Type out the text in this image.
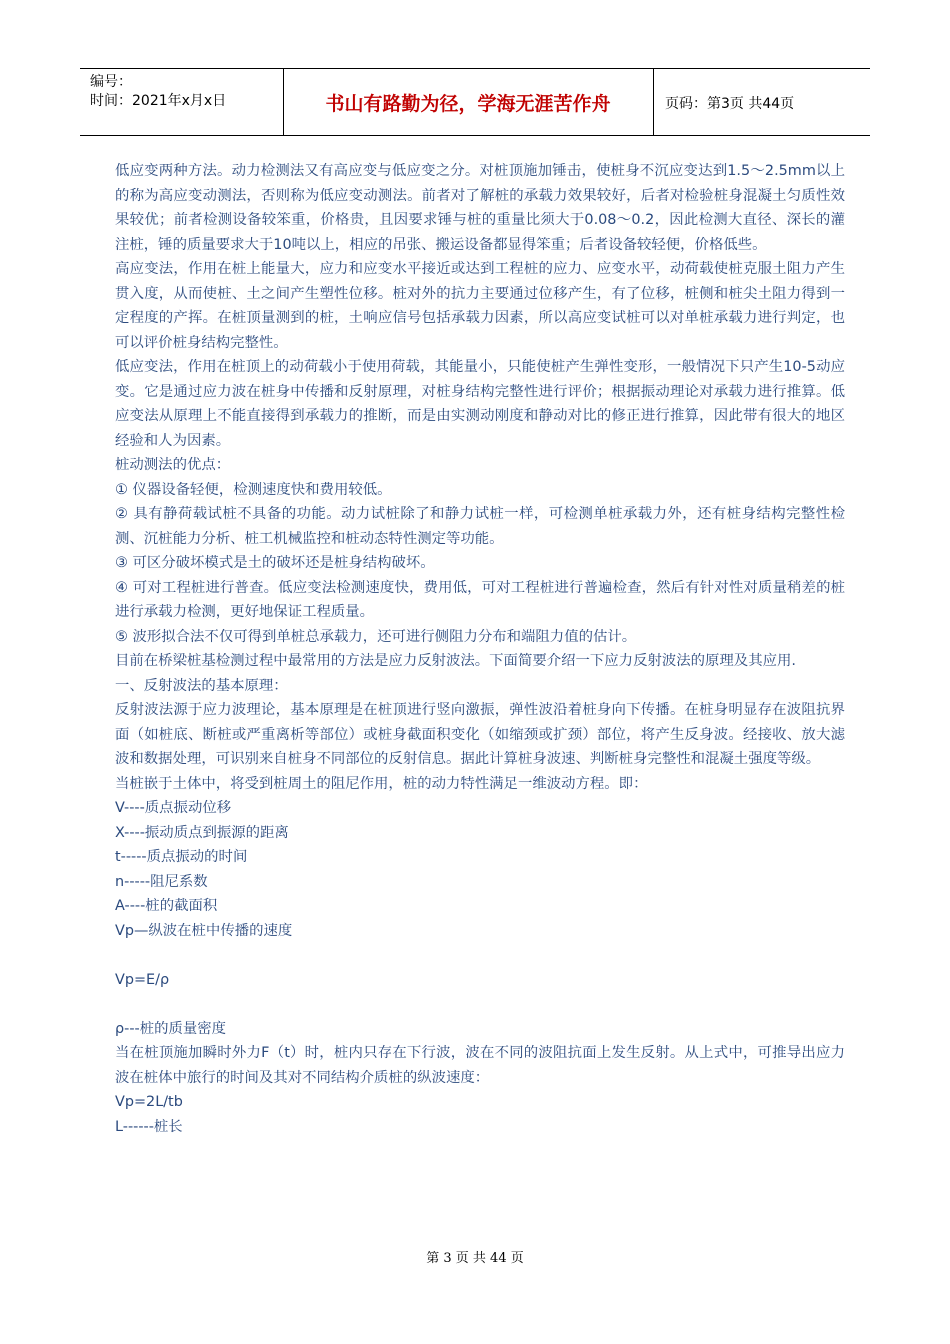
编号：
时间：2021年x月x日	书山有路勤为径，学海无涯苦作舟	页码：第3页 共44页

低应变两种方法。动力检测法又有高应变与低应变之分。对桩顶施加锤击，使桩身不沉应变达到1.5～2.5mm以上的称为高应变动测法，否则称为低应变动测法。前者对了解桩的承载力效果较好，后者对检验桩身混凝土匀质性效果较优；前者检测设备较笨重，价格贵，且因要求锤与桩的重量比须大于0.08～0.2，因此检测大直径、深长的灌注桩，锤的质量要求大于10吨以上，相应的吊张、搬运设备都显得笨重；后者设备较轻便，价格低些。

高应变法，作用在桩上能量大，应力和应变水平接近或达到工程桩的应力、应变水平，动荷载使桩克服土阻力产生贯入度，从而使桩、土之间产生塑性位移。桩对外的抗力主要通过位移产生，有了位移，桩侧和桩尖土阻力得到一定程度的产挥。在桩顶量测到的桩，土响应信号包括承载力因素，所以高应变试桩可以对单桩承载力进行判定，也可以评价桩身结构完整性。

低应变法，作用在桩顶上的动荷载小于使用荷载，其能量小，只能使桩产生弹性变形，一般情况下只产生10-5动应变。它是通过应力波在桩身中传播和反射原理，对桩身结构完整性进行评价；根据振动理论对承载力进行推算。低应变法从原理上不能直接得到承载力的推断，而是由实测动刚度和静动对比的修正进行推算，因此带有很大的地区经验和人为因素。

桩动测法的优点：

① 仪器设备轻便，检测速度快和费用较低。

② 具有静荷载试桩不具备的功能。动力试桩除了和静力试桩一样，可检测单桩承载力外，还有桩身结构完整性检测、沉桩能力分析、桩工机械监控和桩动态特性测定等功能。

③ 可区分破坏模式是土的破坏还是桩身结构破坏。

④ 可对工程桩进行普查。低应变法检测速度快，费用低，可对工程桩进行普遍检查，然后有针对性对质量稍差的桩进行承载力检测，更好地保证工程质量。

⑤ 波形拟合法不仅可得到单桩总承载力，还可进行侧阻力分布和端阻力值的估计。

目前在桥梁桩基检测过程中最常用的方法是应力反射波法。下面简要介绍一下应力反射波法的原理及其应用.

一、反射波法的基本原理：

反射波法源于应力波理论，基本原理是在桩顶进行竖向激振，弹性波沿着桩身向下传播。在桩身明显存在波阻抗界面（如桩底、断桩或严重离析等部位）或桩身截面积变化（如缩颈或扩颈）部位，将产生反身波。经接收、放大滤波和数据处理，可识别来自桩身不同部位的反射信息。据此计算桩身波速、判断桩身完整性和混凝土强度等级。

当桩嵌于土体中，将受到桩周土的阻尼作用，桩的动力特性满足一维波动方程。即：

V----质点振动位移

X----振动质点到振源的距离

t-----质点振动的时间

n-----阻尼系数

A----桩的截面积

Vp—纵波在桩中传播的速度

Vp=E/ρ

ρ---桩的质量密度

当在桩顶施加瞬时外力F（t）时，桩内只存在下行波，波在不同的波阻抗面上发生反射。从上式中，可推导出应力波在桩体中旅行的时间及其对不同结构介质桩的纵波速度：

Vp=2L/tb

L------桩长

第 3 页 共 44 页
